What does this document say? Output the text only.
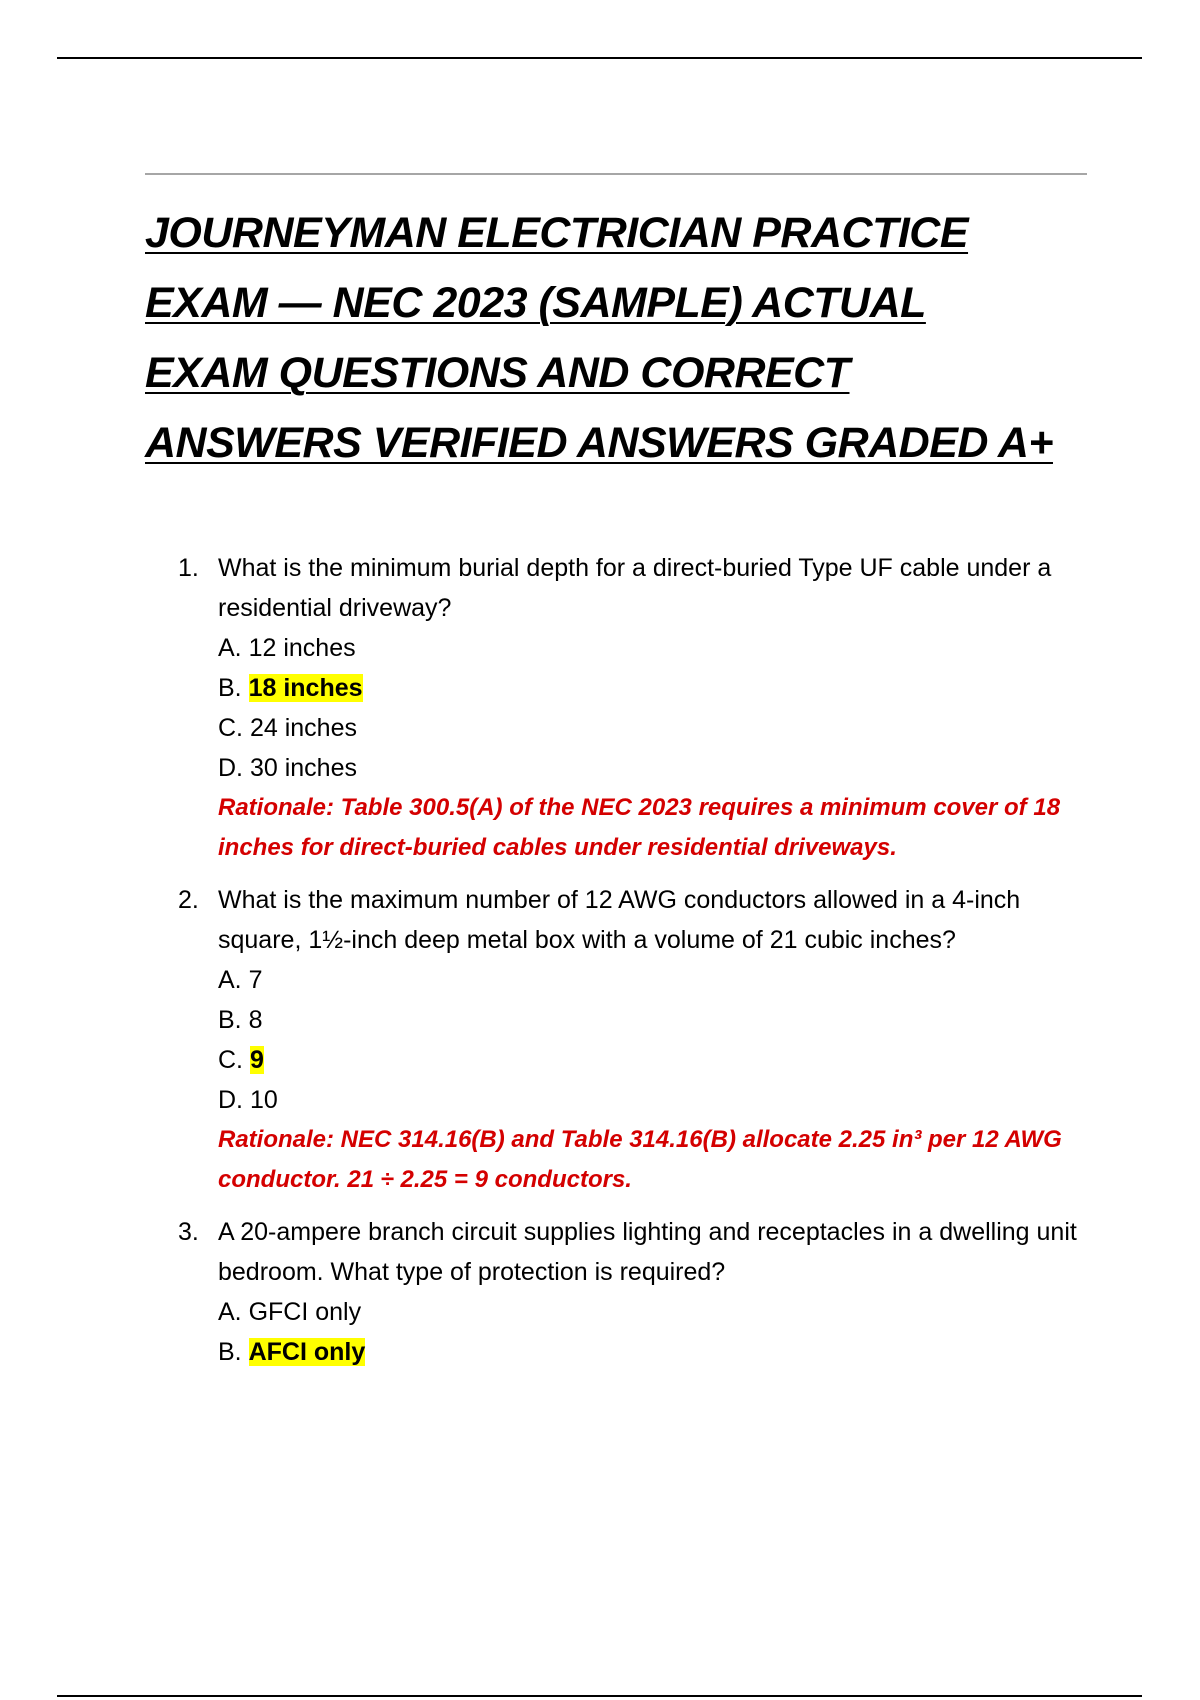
JOURNEYMAN ELECTRICIAN PRACTICE
EXAM — NEC 2023 (SAMPLE) ACTUAL
EXAM QUESTIONS AND CORRECT
ANSWERS VERIFIED ANSWERS GRADED A+
1. What is the minimum burial depth for a direct-buried Type UF cable under a residential driveway?

A. 12 inches
B. 18 inches
C. 24 inches
D. 30 inches

Rationale: Table 300.5(A) of the NEC 2023 requires a minimum cover of 18 inches for direct-buried cables under residential driveways.

2. What is the maximum number of 12 AWG conductors allowed in a 4-inch square, 1½-inch deep metal box with a volume of 21 cubic inches?

A. 7
B. 8
C. 9
D. 10

Rationale: NEC 314.16(B) and Table 314.16(B) allocate 2.25 in³ per 12 AWG conductor. 21 ÷ 2.25 = 9 conductors.

3. A 20-ampere branch circuit supplies lighting and receptacles in a dwelling unit bedroom. What type of protection is required?

A. GFCI only
B. AFCI only
